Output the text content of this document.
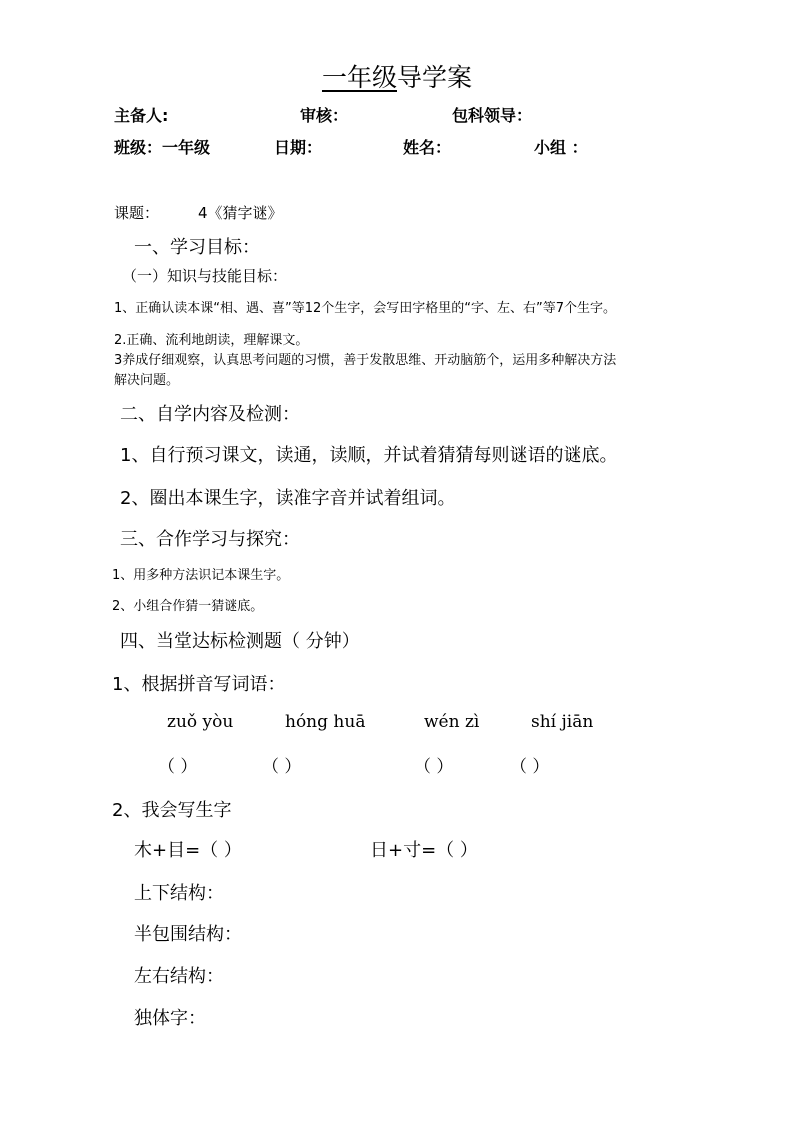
一年级导学案
主备人:	审核：	包科领导：
班级：一年级	日期：	姓名：	小组 ：
课题：	4《猜字谜》
一、学习目标：
（一）知识与技能目标：
1、正确认读本课“相、遇、喜”等12个生字，会写田字格里的“字、左、右”等7个生字。
2.正确、流利地朗读，理解课文。
3养成仔细观察，认真思考问题的习惯，善于发散思维、开动脑筋个，运用多种解决方法
解决问题。
二、自学内容及检测：
1、自行预习课文，读通，读顺，并试着猜猜每则谜语的谜底。
2、圈出本课生字，读准字音并试着组词。
三、合作学习与探究：
1、用多种方法识记本课生字。
2、小组合作猜一猜谜底。
四、当堂达标检测题（ 分钟）
1、根据拼音写词语：
zuǒ yòu	hóng huā	wén zì	shí jiān
（ ）	（ ）	（ ）	（ ）
2、我会写生字
木+目=（ ）	日+寸=（ ）
上下结构：
半包围结构：
左右结构：
独体字：
